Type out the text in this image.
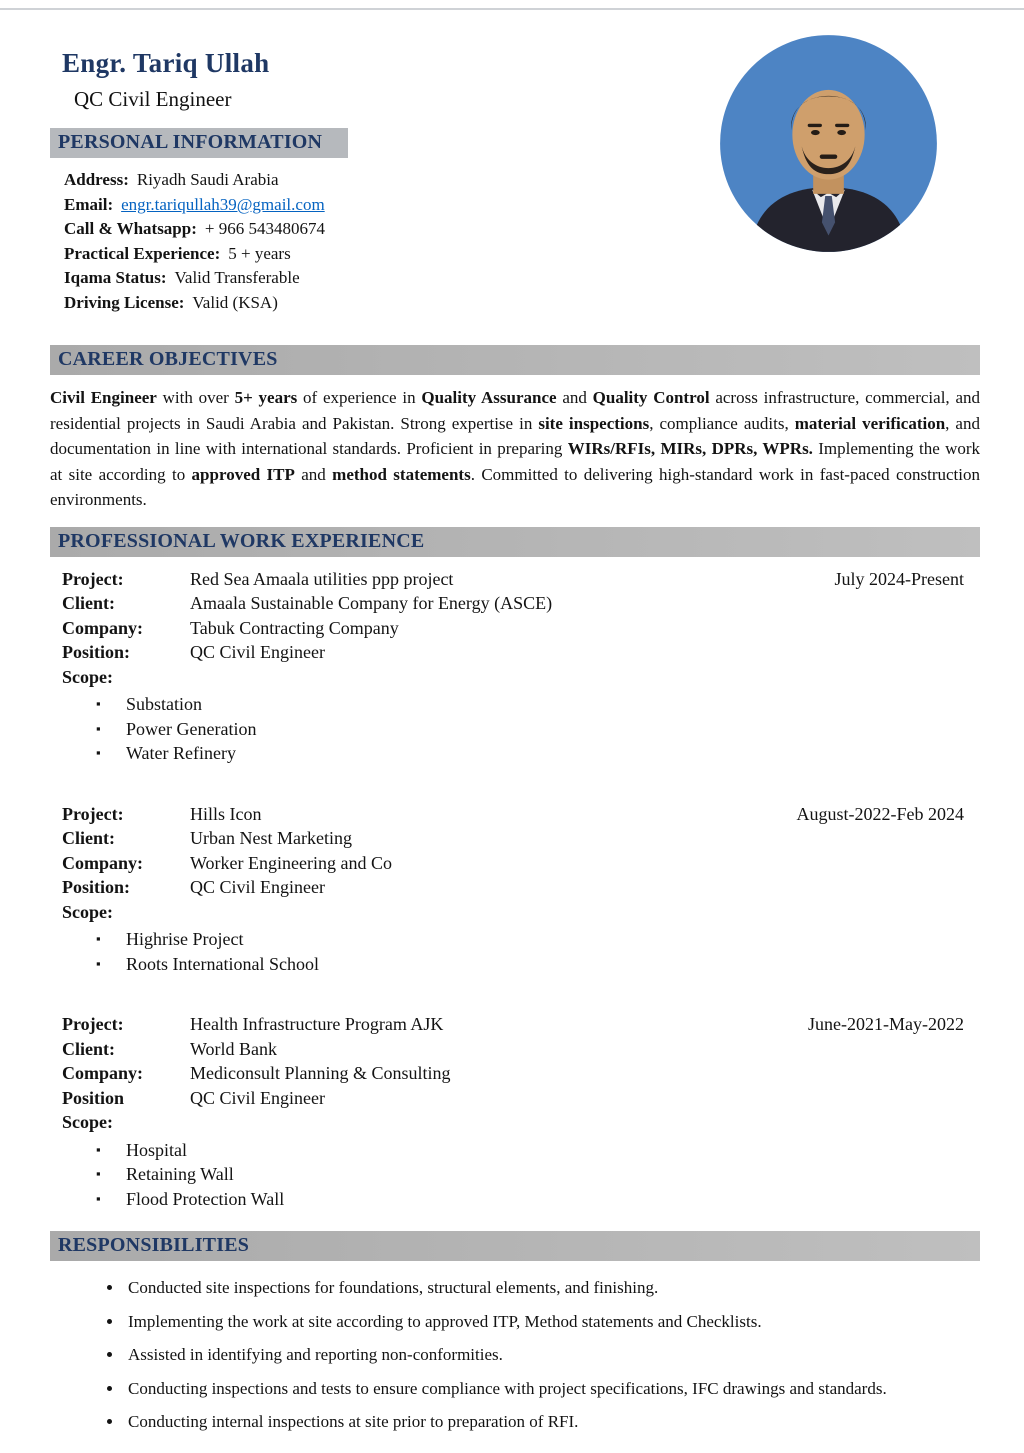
Engr. Tariq Ullah
QC Civil Engineer
PERSONAL INFORMATION
Address: Riyadh Saudi Arabia
Email: engr.tariqullah39@gmail.com
Call & Whatsapp: + 966 543480674
Practical Experience: 5 + years
Iqama Status: Valid Transferable
Driving License: Valid (KSA)
CAREER OBJECTIVES

Civil Engineer with over 5+ years of experience in Quality Assurance and Quality Control across infrastructure, commercial, and residential projects in Saudi Arabia and Pakistan. Strong expertise in site inspections, compliance audits, material verification, and documentation in line with international standards. Proficient in preparing WIRs/RFIs, MIRs, DPRs, WPRs. Implementing the work at site according to approved ITP and method statements. Committed to delivering high-standard work in fast-paced construction environments.

PROFESSIONAL WORK EXPERIENCE
Project:	Red Sea Amaala utilities ppp project	July 2024-Present
Client:	Amaala Sustainable Company for Energy (ASCE)
Company:	Tabuk Contracting Company
Position:	QC Civil Engineer
Scope:
▪ Substation
▪ Power Generation
▪ Water Refinery
Project:	Hills Icon	August-2022-Feb 2024
Client:	Urban Nest Marketing
Company:	Worker Engineering and Co
Position:	QC Civil Engineer
Scope:
▪ Highrise Project
▪ Roots International School
Project:	Health Infrastructure Program AJK	June-2021-May-2022
Client:	World Bank
Company:	Mediconsult Planning & Consulting
Position	QC Civil Engineer
Scope:
▪ Hospital
▪ Retaining Wall
▪ Flood Protection Wall
RESPONSIBILITIES
• Conducted site inspections for foundations, structural elements, and finishing.
• Implementing the work at site according to approved ITP, Method statements and Checklists.
• Assisted in identifying and reporting non-conformities.
• Conducting inspections and tests to ensure compliance with project specifications, IFC drawings and standards.
• Conducting internal inspections at site prior to preparation of RFI.
